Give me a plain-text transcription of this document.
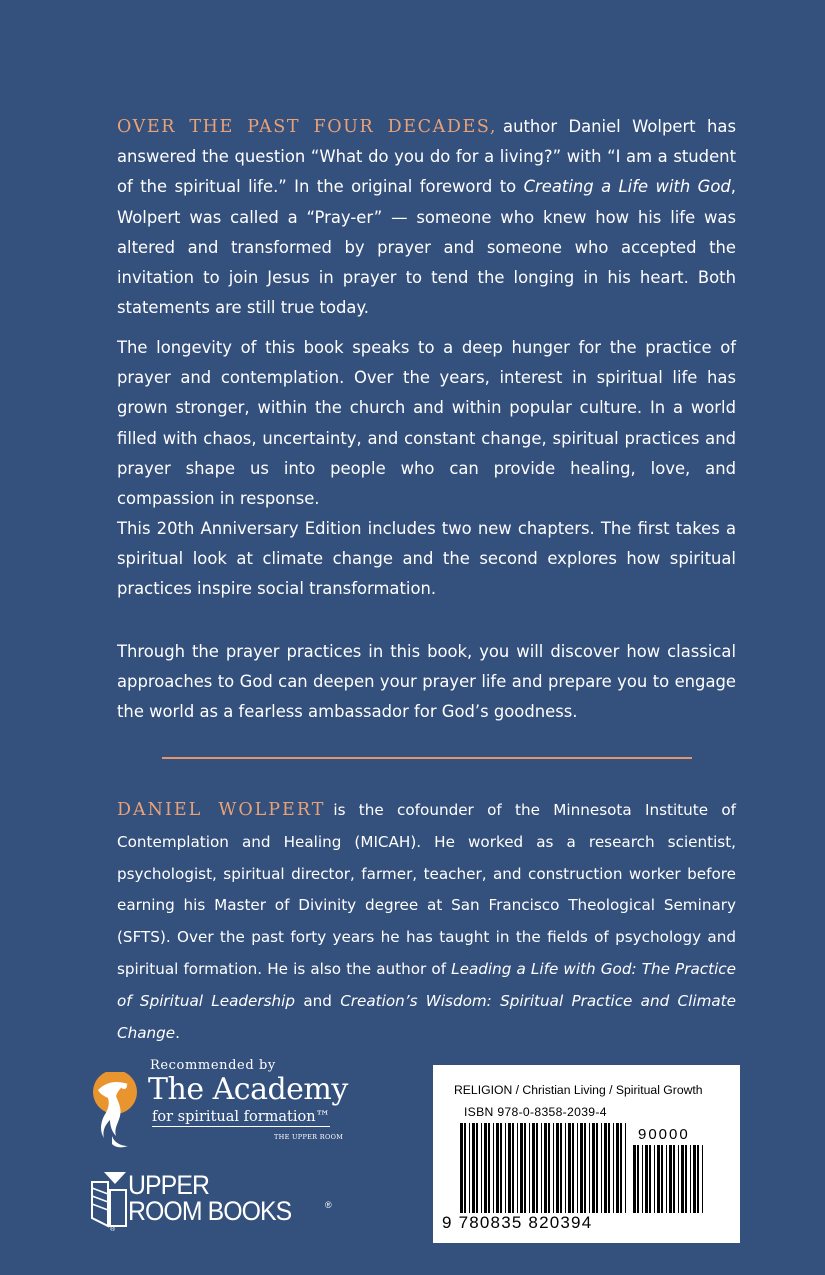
OVER THE PAST FOUR DECADES, author Daniel Wolpert has answered the question “What do you do for a living?” with “I am a student of the spiritual life.” In the original foreword to Creating a Life with God, Wolpert was called a “Pray-er” — someone who knew how his life was altered and transformed by prayer and someone who accepted the invitation to join Jesus in prayer to tend the longing in his heart. Both statements are still true today.

The longevity of this book speaks to a deep hunger for the practice of prayer and contemplation. Over the years, interest in spiritual life has grown stronger, within the church and within popular culture. In a world filled with chaos, uncertainty, and constant change, spiritual practices and prayer shape us into people who can provide healing, love, and compassion in response.

This 20th Anniversary Edition includes two new chapters. The first takes a spiritual look at climate change and the second explores how spiritual practices inspire social transformation.

Through the prayer practices in this book, you will discover how classical approaches to God can deepen your prayer life and prepare you to engage the world as a fearless ambassador for God’s goodness.

DANIEL WOLPERT is the cofounder of the Minnesota Institute of Contemplation and Healing (MICAH). He worked as a research scientist, psychologist, spiritual director, farmer, teacher, and construction worker before earning his Master of Divinity degree at San Francisco Theological Seminary (SFTS). Over the past forty years he has taught in the fields of psychology and spiritual formation. He is also the author of Leading a Life with God: The Practice of Spiritual Leadership and Creation’s Wisdom: Spiritual Practice and Climate Change.

Recommended by
The Academy
for spiritual formation™
THE UPPER ROOM
UPPER
ROOM BOOKS	®
®
RELIGION / Christian Living / Spiritual Growth
ISBN 978-0-8358-2039-4
90000
9 780835 820394
